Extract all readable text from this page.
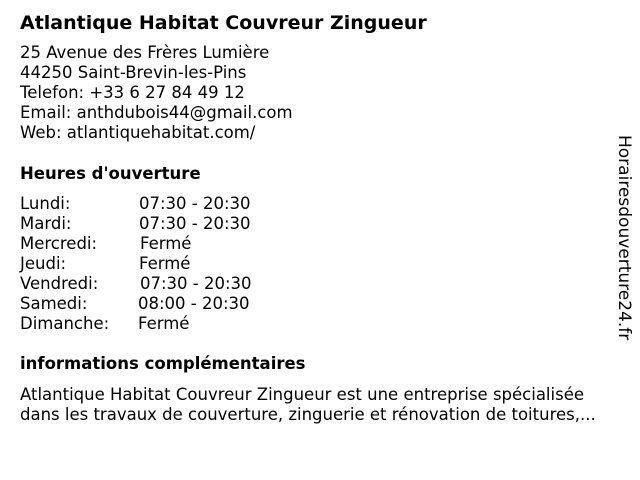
Atlantique Habitat Couvreur Zingueur
25 Avenue des Frères Lumière
44250 Saint-Brevin-les-Pins
Telefon: +33 6 27 84 49 12
Email: anthdubois44@gmail.com
Web: atlantiquehabitat.com/
Heures d'ouverture
Lundi:	07:30 - 20:30
Mardi:	07:30 - 20:30
Mercredi:	Fermé
Jeudi:	Fermé
Vendredi:	07:30 - 20:30
Samedi:	08:00 - 20:30
Dimanche: Fermé
informations complémentaires
Atlantique Habitat Couvreur Zingueur est une entreprise spécialisée
dans les travaux de couverture, zinguerie et rénovation de toitures,...
Horairesdouverture24.fr
